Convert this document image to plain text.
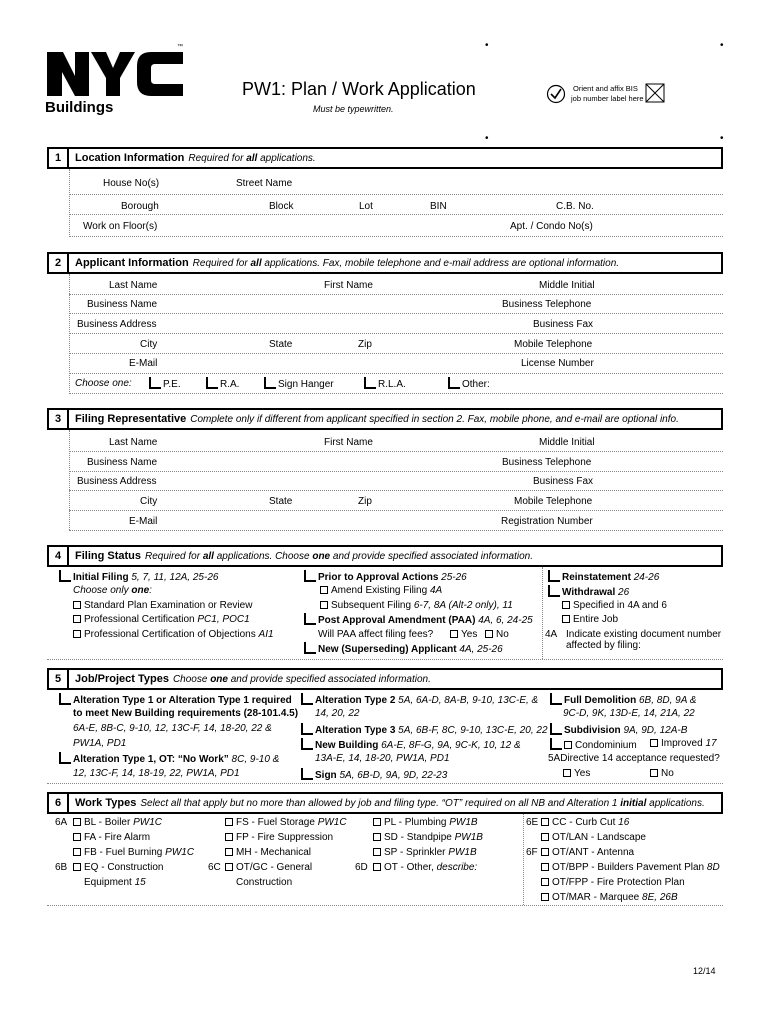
™
Buildings
PW1: Plan / Work Application
Must be typewritten.
Orient and affix BIS
job number label here
•	•
•	•
1	Location Information Required for all applications.
House No(s)	Street Name
Borough	Block	Lot	BIN	C.B. No.
Work on Floor(s)	Apt. / Condo No(s)
2	Applicant Information Required for all applications. Fax, mobile telephone and e-mail address are optional information.
Last Name	First Name	Middle Initial
Business Name	Business Telephone
Business Address	Business Fax
City	State	Zip	Mobile Telephone
E-Mail	License Number
Choose one:	P.E.	R.A.	Sign Hanger	R.L.A.	Other:
3	Filing Representative Complete only if different from applicant specified in section 2. Fax, mobile phone, and e-mail are optional info.
Last Name	First Name	Middle Initial
Business Name	Business Telephone
Business Address	Business Fax
City	State	Zip	Mobile Telephone
E-Mail	Registration Number
4	Filing Status Required for all applications. Choose one and provide specified associated information.
Initial Filing 5, 7, 11, 12A, 25-26
Choose only one:
Standard Plan Examination or Review
Professional Certification PC1, POC1
Professional Certification of Objections AI1
Prior to Approval Actions 25-26
Amend Existing Filing 4A
Subsequent Filing 6-7, 8A (Alt-2 only), 11
Post Approval Amendment (PAA) 4A, 6, 24-25
Will PAA affect filing fees?	Yes	No
New (Superseding) Applicant 4A, 25-26
Reinstatement 24-26
Withdrawal 26
Specified in 4A and 6
Entire Job
4A Indicate existing document number
affected by filing:
5	Job/Project Types Choose one and provide specified associated information.
Alteration Type 1 or Alteration Type 1 required
to meet New Building requirements (28-101.4.5)
6A-E, 8B-C, 9-10, 12, 13C-F, 14, 18-20, 22 &
PW1A, PD1
Alteration Type 1, OT: “No Work” 8C, 9-10 &
12, 13C-F, 14, 18-19, 22, PW1A, PD1
Alteration Type 2 5A, 6A-D, 8A-B, 9-10, 13C-E, &
14, 20, 22
Alteration Type 3 5A, 6B-F, 8C, 9-10, 13C-E, 20, 22
New Building 6A-E, 8F-G, 9A, 9C-K, 10, 12 &
13A-E, 14, 18-20, PW1A, PD1
Sign 5A, 6B-D, 9A, 9D, 22-23
Full Demolition 6B, 8D, 9A &
9C-D, 9K, 13D-E, 14, 21A, 22
Subdivision 9A, 9D, 12A-B
Condominium	Improved 17
5ADirective 14 acceptance requested?
Yes	No
6	Work Types Select all that apply but no more than allowed by job and filing type. “OT” required on all NB and Alteration 1 initial applications.
6A	BL - Boiler PW1C
FA - Fire Alarm
FB - Fuel Burning PW1C
6B	EQ - Construction
Equipment 15
FS - Fuel Storage PW1C
FP - Fire Suppression
MH - Mechanical
6C	OT/GC - General
Construction
PL - Plumbing PW1B
SD - Standpipe PW1B
SP - Sprinkler PW1B
6D	OT - Other, describe:
6E	CC - Curb Cut 16
OT/LAN - Landscape
6F	OT/ANT - Antenna
OT/BPP - Builders Pavement Plan 8D
OT/FPP - Fire Protection Plan
OT/MAR - Marquee 8E, 26B
12/14
